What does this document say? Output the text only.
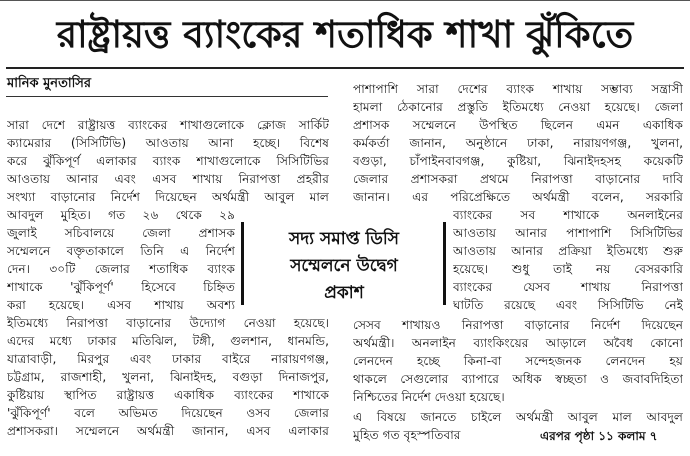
রাষ্ট্রায়ত্ত ব্যাংকের শতাধিক শাখা ঝুঁকিতে
মানিক মুনতাসির
সারা দেশে রাষ্ট্রায়ত্ত ব্যাংকের শাখাগুলোকে ক্লোজ সার্কিট
ক্যামেরার (সিসিটিভি) আওতায় আনা হচ্ছে। বিশেষ
করে ঝুঁকিপূর্ণ এলাকার ব্যাংক শাখাগুলোকে সিসিটিভির
আওতায় আনার এবং এসব শাখায় নিরাপত্তা প্রহরীর
সংখ্যা বাড়ানোর নির্দেশ দিয়েছেন অর্থমন্ত্রী আবুল মাল
আবদুল মুহিত। গত ২৬ থেকে ২৯
জুলাই সচিবালয়ে জেলা প্রশাসক
সম্মেলনে বক্তৃতাকালে তিনি এ নির্দেশ
দেন। ৩০টি জেলার শতাধিক ব্যাংক
শাখাকে 'ঝুঁকিপূর্ণ' হিসেবে চিহ্নিত
করা হয়েছে। এসব শাখায় অবশ্য
ইতিমধ্যে নিরাপত্তা বাড়ানোর উদ্যোগ নেওয়া হয়েছে।
এদের মধ্যে ঢাকার মতিঝিল, টঙ্গী, গুলশান, ধানমন্ডি,
যাত্রাবাড়ী, মিরপুর এবং ঢাকার বাইরে নারায়ণগঞ্জ,
চট্টগ্রাম, রাজশাহী, খুলনা, ঝিনাইদহ, বগুড়া দিনাজপুর,
কুষ্টিয়ায় স্থাপিত রাষ্ট্রায়ত্ত একাধিক ব্যাংকের শাখাকে
'ঝুঁকিপূর্ণ' বলে অভিমত দিয়েছেন ওসব জেলার
প্রশাসকরা। সম্মেলনে অর্থমন্ত্রী জানান, এসব এলাকার
সদ্য সমাপ্ত ডিসি
সম্মেলনে উদ্বেগ
প্রকাশ
পাশাপাশি সারা দেশের ব্যাংক শাখায় সম্ভাব্য সন্ত্রাসী
হামলা ঠেকানোর প্রস্তুতি ইতিমধ্যে নেওয়া হয়েছে। জেলা
প্রশাসক সম্মেলনে উপস্থিত ছিলেন এমন একাধিক
কর্মকর্তা জানান, অনুষ্ঠানে ঢাকা, নারায়ণগঞ্জ, খুলনা,
বগুড়া, চাঁপাইনবাবগঞ্জ, কুষ্টিয়া, ঝিনাইদহসহ কয়েকটি
জেলার প্রশাসকরা প্রথমে নিরাপত্তা বাড়ানোর দাবি
জানান। এর পরিপ্রেক্ষিতে অর্থমন্ত্রী বলেন, সরকারি
ব্যাংকের সব শাখাকে অনলাইনের
আওতায় আনার পাশাপাশি সিসিটিভির
আওতায় আনার প্রক্রিয়া ইতিমধ্যে শুরু
হয়েছে। শুধু তাই নয় বেসরকারি
ব্যাংকের যেসব শাখায় নিরাপত্তা
ঘাটতি রয়েছে এবং সিসিটিভি নেই
সেসব শাখায়ও নিরাপত্তা বাড়ানোর নির্দেশ দিয়েছেন
অর্থমন্ত্রী। অনলাইন ব্যাংকিংয়ের আড়ালে অবৈধ কোনো
লেনদেন হচ্ছে কিনা-বা সন্দেহজনক লেনদেন হয়
থাকলে সেগুলোর ব্যাপারে অধিক স্বচ্ছতা ও জবাবদিহিতা
নিশ্চিতের নির্দেশ দেওয়া হয়েছে।
এ বিষয়ে জানতে চাইলে অর্থমন্ত্রী আবুল মাল আবদুল
মুহিত গত বৃহস্পতিবার	এরপর পৃষ্ঠা ১১ কলাম ৭
